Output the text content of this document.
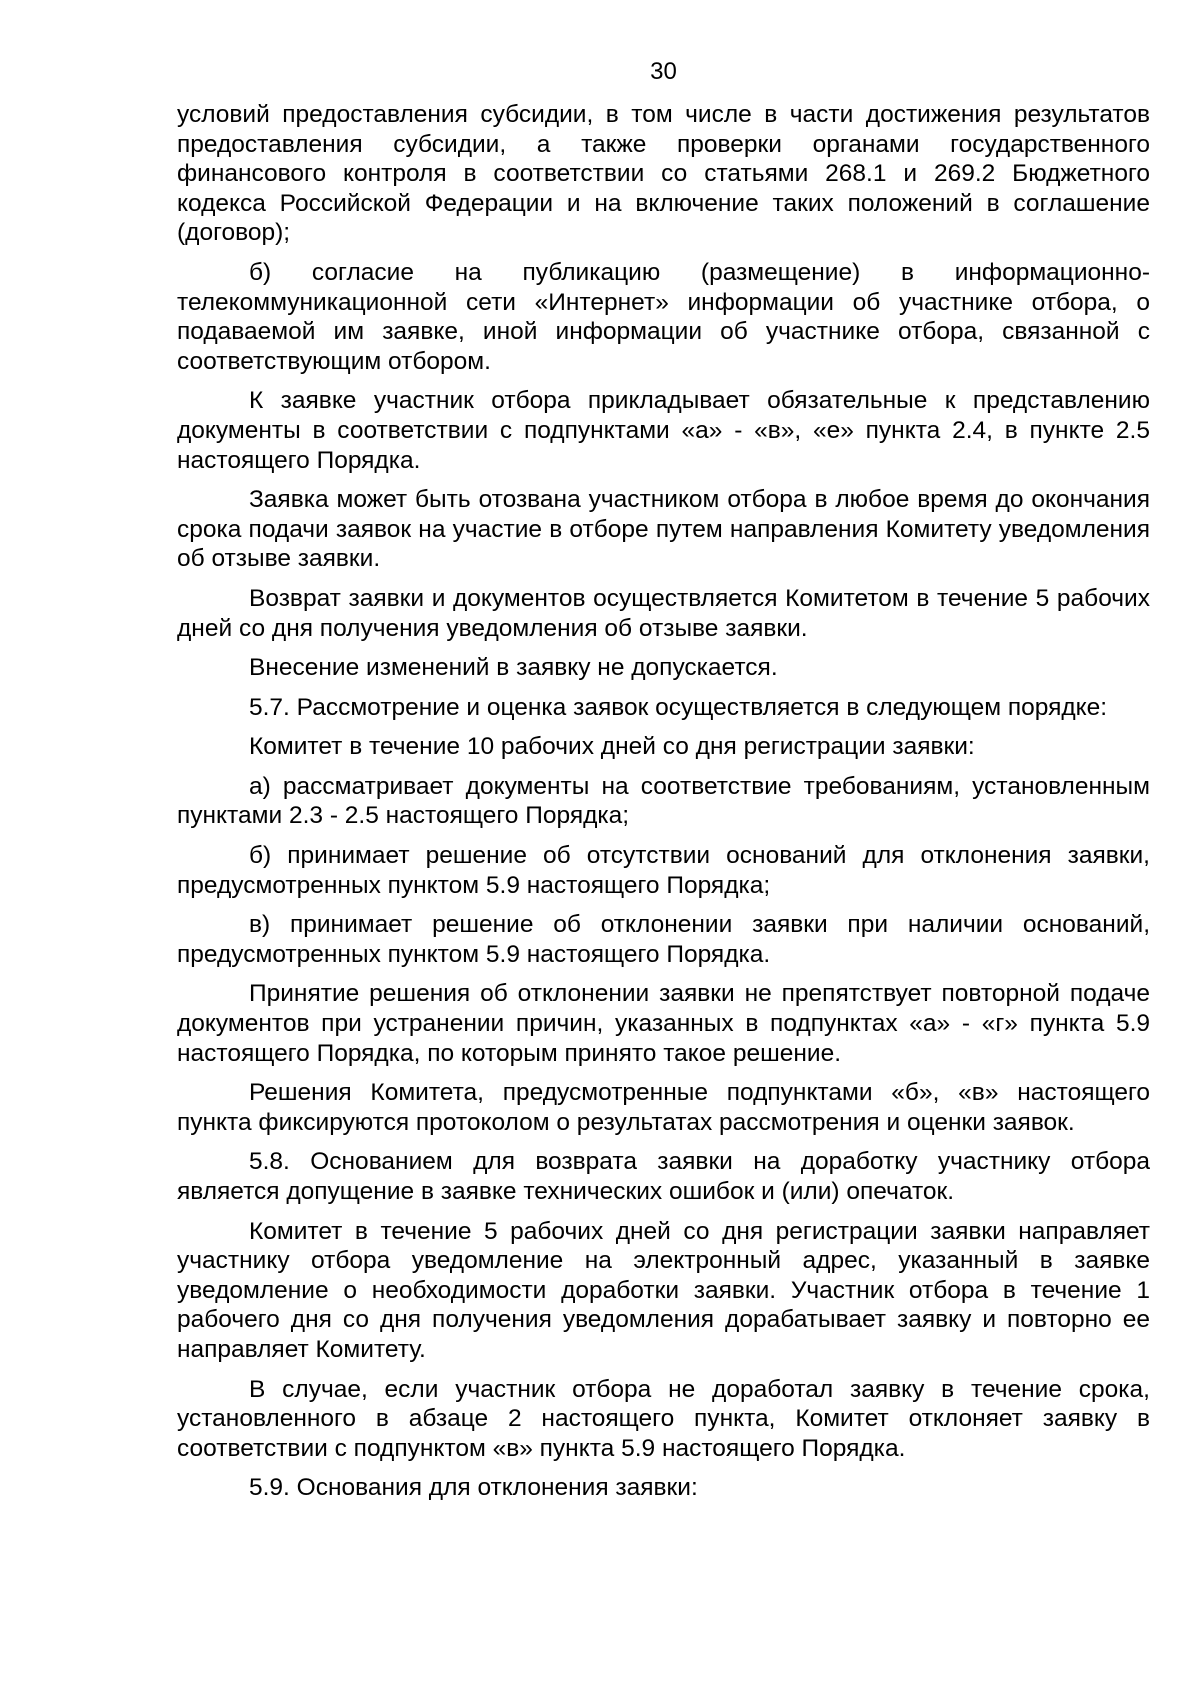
30

условий предоставления субсидии, в том числе в части достижения результатов предоставления субсидии, а также проверки органами государственного финансового контроля в соответствии со статьями 268.1 и 269.2 Бюджетного кодекса Российской Федерации и на включение таких положений в соглашение (договор);

б) согласие на публикацию (размещение) в информационно-телекоммуникационной сети «Интернет» информации об участнике отбора, о подаваемой им заявке, иной информации об участнике отбора, связанной с соответствующим отбором.

К заявке участник отбора прикладывает обязательные к представлению документы в соответствии с подпунктами «а» - «в», «е» пункта 2.4, в пункте 2.5 настоящего Порядка.

Заявка может быть отозвана участником отбора в любое время до окончания срока подачи заявок на участие в отборе путем направления Комитету уведомления об отзыве заявки.

Возврат заявки и документов осуществляется Комитетом в течение 5 рабочих дней со дня получения уведомления об отзыве заявки.

Внесение изменений в заявку не допускается.

5.7. Рассмотрение и оценка заявок осуществляется в следующем порядке:

Комитет в течение 10 рабочих дней со дня регистрации заявки:

а) рассматривает документы на соответствие требованиям, установленным пунктами 2.3 - 2.5 настоящего Порядка;

б) принимает решение об отсутствии оснований для отклонения заявки, предусмотренных пунктом 5.9 настоящего Порядка;

в) принимает решение об отклонении заявки при наличии оснований, предусмотренных пунктом 5.9 настоящего Порядка.

Принятие решения об отклонении заявки не препятствует повторной подаче документов при устранении причин, указанных в подпунктах «а» - «г» пункта 5.9 настоящего Порядка, по которым принято такое решение.

Решения Комитета, предусмотренные подпунктами «б», «в» настоящего пункта фиксируются протоколом о результатах рассмотрения и оценки заявок.

5.8. Основанием для возврата заявки на доработку участнику отбора является допущение в заявке технических ошибок и (или) опечаток.

Комитет в течение 5 рабочих дней со дня регистрации заявки направляет участнику отбора уведомление на электронный адрес, указанный в заявке уведомление о необходимости доработки заявки. Участник отбора в течение 1 рабочего дня со дня получения уведомления дорабатывает заявку и повторно ее направляет Комитету.

В случае, если участник отбора не доработал заявку в течение срока, установленного в абзаце 2 настоящего пункта, Комитет отклоняет заявку в соответствии с подпунктом «в» пункта 5.9 настоящего Порядка.

5.9. Основания для отклонения заявки:
